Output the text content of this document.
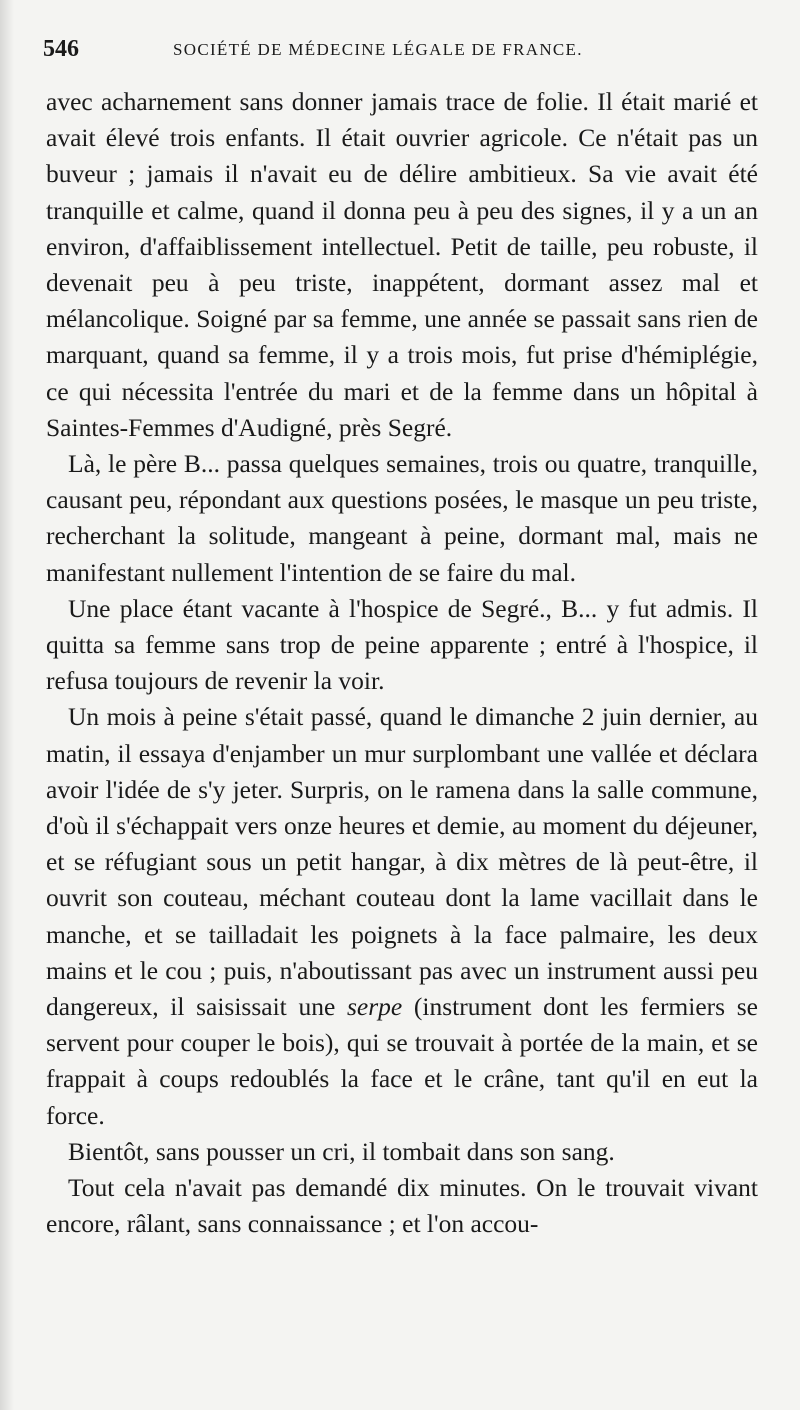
546	SOCIÉTÉ DE MÉDECINE LÉGALE DE FRANCE.

avec acharnement sans donner jamais trace de folie. Il était marié et avait élevé trois enfants. Il était ouvrier agricole. Ce n'était pas un buveur ; jamais il n'avait eu de délire ambitieux. Sa vie avait été tranquille et calme, quand il donna peu à peu des signes, il y a un an environ, d'affaiblissement intellectuel. Petit de taille, peu robuste, il devenait peu à peu triste, inappétent, dormant assez mal et mélancolique. Soigné par sa femme, une année se passait sans rien de marquant, quand sa femme, il y a trois mois, fut prise d'hémiplégie, ce qui nécessita l'entrée du mari et de la femme dans un hôpital à Saintes-Femmes d'Audigné, près Segré.

Là, le père B... passa quelques semaines, trois ou quatre, tranquille, causant peu, répondant aux questions posées, le masque un peu triste, recherchant la solitude, mangeant à peine, dormant mal, mais ne manifestant nullement l'intention de se faire du mal.

Une place étant vacante à l'hospice de Segré., B... y fut admis. Il quitta sa femme sans trop de peine apparente ; entré à l'hospice, il refusa toujours de revenir la voir.

Un mois à peine s'était passé, quand le dimanche 2 juin dernier, au matin, il essaya d'enjamber un mur surplombant une vallée et déclara avoir l'idée de s'y jeter. Surpris, on le ramena dans la salle commune, d'où il s'échappait vers onze heures et demie, au moment du déjeuner, et se réfugiant sous un petit hangar, à dix mètres de là peut-être, il ouvrit son couteau, méchant couteau dont la lame vacillait dans le manche, et se tailladait les poignets à la face palmaire, les deux mains et le cou ; puis, n'aboutissant pas avec un instrument aussi peu dangereux, il saisissait une serpe (instrument dont les fermiers se servent pour couper le bois), qui se trouvait à portée de la main, et se frappait à coups redoublés la face et le crâne, tant qu'il en eut la force.

Bientôt, sans pousser un cri, il tombait dans son sang.

Tout cela n'avait pas demandé dix minutes. On le trouvait vivant encore, râlant, sans connaissance ; et l'on accou-
